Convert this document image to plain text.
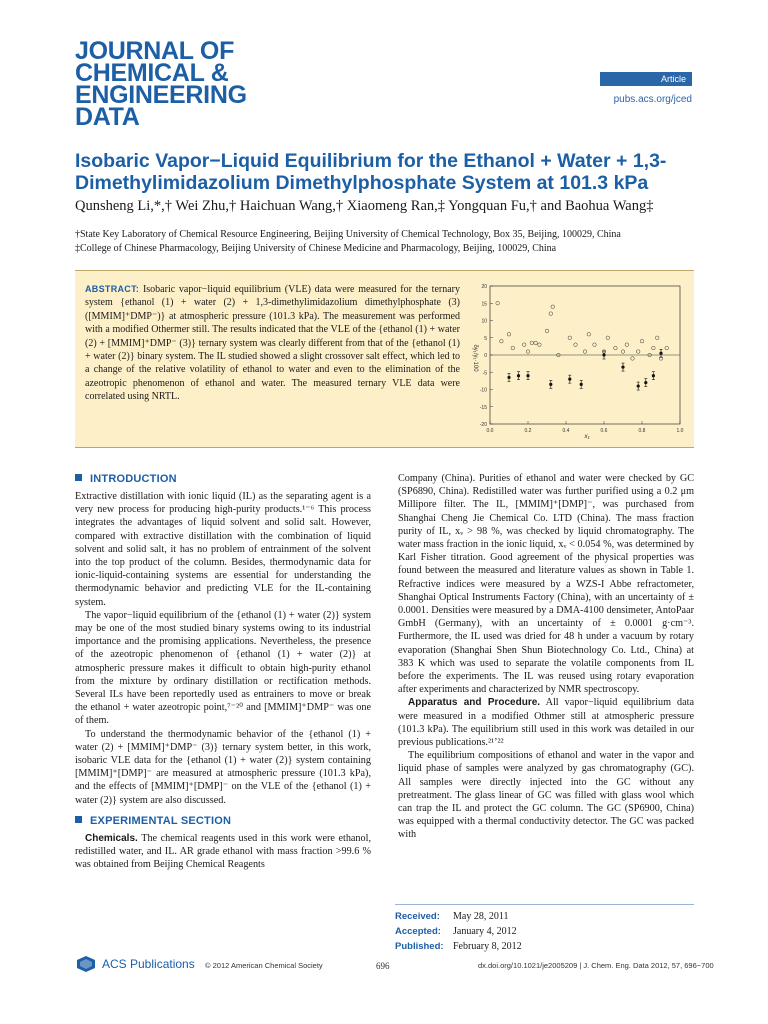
JOURNAL OF
CHEMICAL &
ENGINEERING
DATA
Article
pubs.acs.org/jced
Isobaric Vapor−Liquid Equilibrium for the Ethanol + Water + 1,3-Dimethylimidazolium Dimethylphosphate System at 101.3 kPa
Qunsheng Li,*,† Wei Zhu,† Haichuan Wang,† Xiaomeng Ran,‡ Yongquan Fu,† and Baohua Wang‡
†State Key Laboratory of Chemical Resource Engineering, Beijing University of Chemical Technology, Box 35, Beijing, 100029, China
‡College of Chinese Pharmacology, Beijing University of Chinese Medicine and Pharmacology, Beijing, 100029, China
ABSTRACT: Isobaric vapor−liquid equilibrium (VLE) data were measured for the ternary system {ethanol (1) + water (2) + 1,3-dimethylimidazolium dimethylphosphate (3) ([MMIM]⁺DMP⁻)} at atmospheric pressure (101.3 kPa). The measurement was performed with a modified Othermer still. The results indicated that the VLE of the {ethanol (1) + water (2) + [MMIM]⁺DMP⁻ (3)} ternary system was clearly different from that of the {ethanol (1) + water (2)} binary system. The IL studied showed a slight crossover salt effect, which led to a change of the relative volatility of ethanol to water and even to the elimination of the azeotropic phenomenon of ethanol and water. The measured ternary VLE data were correlated using NRTL.
δy₁/y₁·100
x₁
20
15
10
5
0
-5
-10
-15
-20
0.0	0.2	0.4	0.6	0.8	1.0
INTRODUCTION

Extractive distillation with ionic liquid (IL) as the separating agent is a very new process for producing high-purity products.¹⁻⁶ This process integrates the advantages of liquid solvent and solid salt. However, compared with extractive distillation with the combination of liquid solvent and solid salt, it has no problem of entrainment of the solvent into the top product of the column. Besides, thermodynamic data for ionic-liquid-containing systems are essential for understanding the thermodynamic behavior and predicting VLE for the IL-containing system.

The vapor−liquid equilibrium of the {ethanol (1) + water (2)} system may be one of the most studied binary systems owing to its industrial importance and the promising applications. Nevertheless, the presence of the azeotropic phenomenon of {ethanol (1) + water (2)} at atmospheric pressure makes it difficult to obtain high-purity ethanol from the mixture by ordinary distillation or rectification methods. Several ILs have been reportedly used as entrainers to move or break the ethanol + water azeotropic point,⁷⁻²⁰ and [MMIM]⁺DMP⁻ was one of them.

To understand the thermodynamic behavior of the {ethanol (1) + water (2) + [MMIM]⁺DMP⁻ (3)} ternary system better, in this work, isobaric VLE data for the {ethanol (1) + water (2)} system containing [MMIM]⁺[DMP]⁻ are measured at atmospheric pressure (101.3 kPa), and the effects of [MMIM]⁺[DMP]⁻ on the VLE of the {ethanol (1) + water (2)} system are also discussed.

EXPERIMENTAL SECTION

Chemicals. The chemical reagents used in this work were ethanol, redistilled water, and IL. AR grade ethanol with mass fraction >99.6 % was obtained from Beijing Chemical Reagents

Company (China). Purities of ethanol and water were checked by GC (SP6890, China). Redistilled water was further purified using a 0.2 μm Millipore filter. The IL, [MMIM]⁺[DMP]⁻, was purchased from Shanghai Cheng Jie Chemical Co. LTD (China). The mass fraction purity of IL, xᵥ > 98 %, was checked by liquid chromatography. The water mass fraction in the ionic liquid, xᵥ < 0.054 %, was determined by Karl Fisher titration. Good agreement of the physical properties was found between the measured and literature values as shown in Table 1. Refractive indices were measured by a WZS-I Abbe refractometer, Shanghai Optical Instruments Factory (China), with an uncertainty of ± 0.0001. Densities were measured by a DMA-4100 densimeter, AntoPaar GmbH (Germany), with an uncertainty of ± 0.0001 g·cm⁻³. Furthermore, the IL used was dried for 48 h under a vacuum by rotary evaporation (Shanghai Shen Shun Biotechnology Co. Ltd., China) at 383 K which was used to separate the volatile components from IL before the experiments. The IL was reused using rotary evaporation after experiments and characterized by NMR spectroscopy.

Apparatus and Procedure. All vapor−liquid equilibrium data were measured in a modified Othmer still at atmospheric pressure (101.3 kPa). The equilibrium still used in this work was detailed in our previous publications.²¹ʼ²²

The equilibrium compositions of ethanol and water in the vapor and liquid phase of samples were analyzed by gas chromatography (GC). All samples were directly injected into the GC without any pretreatment. The glass linear of GC was filled with glass wool which can trap the IL and protect the GC column. The GC (SP6900, China) was equipped with a thermal conductivity detector. The GC was packed with

Received: May 28, 2011
Accepted: January 4, 2012
Published: February 8, 2012
ACS Publications © 2012 American Chemical Society	696	dx.doi.org/10.1021/je2005209 | J. Chem. Eng. Data 2012, 57, 696−700
